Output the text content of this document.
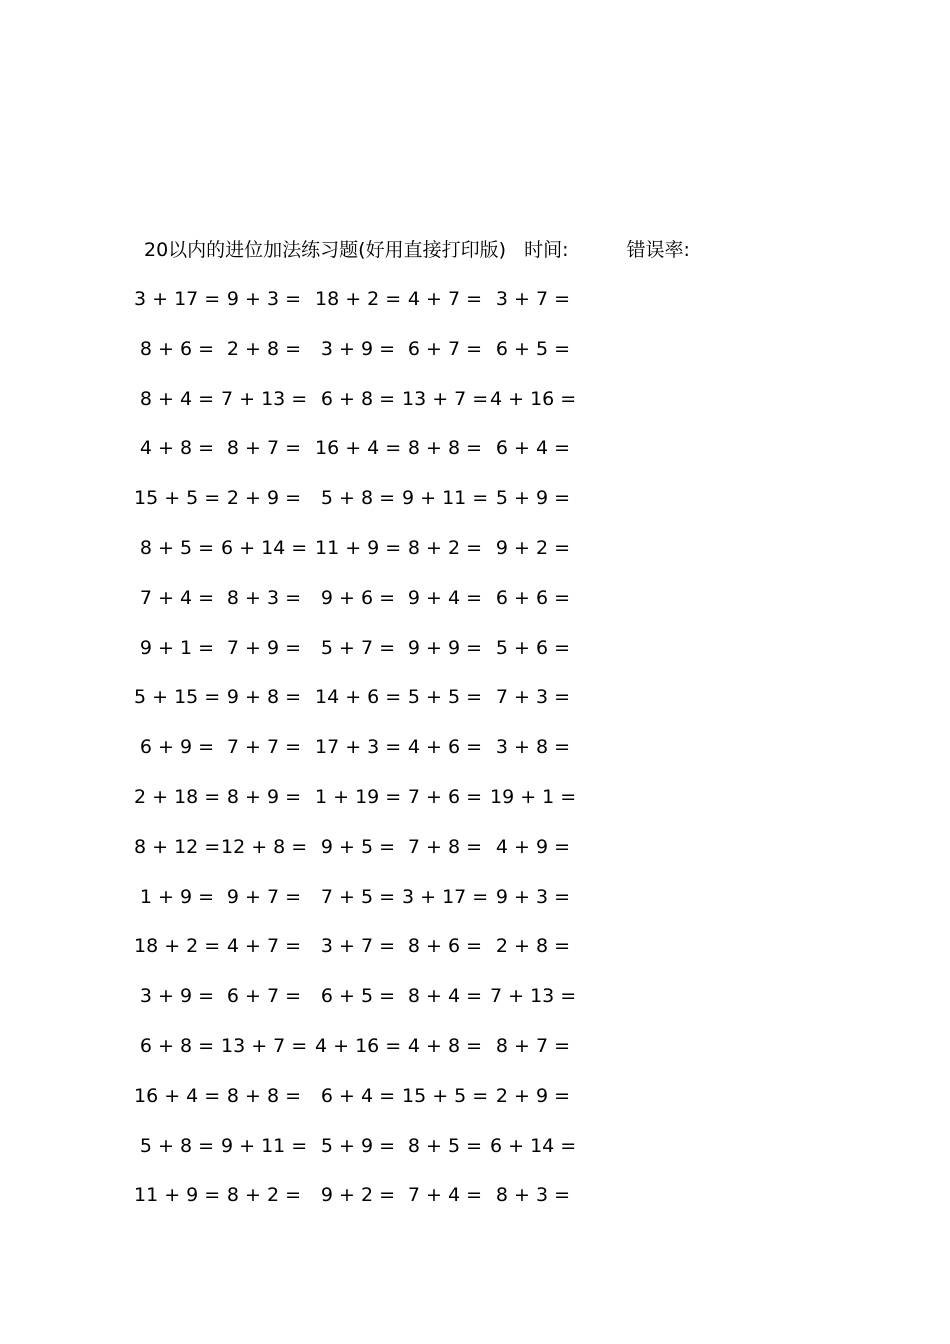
20以内的进位加法练习题(好用直接打印版) 时间:	错误率:
3 + 17 = 9 + 3 = 18 + 2 = 4 + 7 = 3 + 7 =
8 + 6 = 2 + 8 =	3 + 9 = 6 + 7 = 6 + 5 =
8 + 4 = 7 + 13 = 6 + 8 = 13 + 7 = 4 + 16 =
4 + 8 = 8 + 7 = 16 + 4 = 8 + 8 = 6 + 4 =
15 + 5 = 2 + 9 =	5 + 8 = 9 + 11 = 5 + 9 =
8 + 5 = 6 + 14 = 11 + 9 = 8 + 2 = 9 + 2 =
7 + 4 = 8 + 3 =	9 + 6 = 9 + 4 = 6 + 6 =
9 + 1 = 7 + 9 =	5 + 7 = 9 + 9 = 5 + 6 =
5 + 15 = 9 + 8 = 14 + 6 = 5 + 5 = 7 + 3 =
6 + 9 = 7 + 7 = 17 + 3 = 4 + 6 = 3 + 8 =
2 + 18 = 8 + 9 = 1 + 19 = 7 + 6 = 19 + 1 =
8 + 12 = 12 + 8 = 9 + 5 = 7 + 8 = 4 + 9 =
1 + 9 = 9 + 7 =	7 + 5 = 3 + 17 = 9 + 3 =
18 + 2 = 4 + 7 =	3 + 7 = 8 + 6 = 2 + 8 =
3 + 9 = 6 + 7 =	6 + 5 = 8 + 4 = 7 + 13 =
6 + 8 = 13 + 7 = 4 + 16 = 4 + 8 = 8 + 7 =
16 + 4 = 8 + 8 =	6 + 4 = 15 + 5 = 2 + 9 =
5 + 8 = 9 + 11 = 5 + 9 = 8 + 5 = 6 + 14 =
11 + 9 = 8 + 2 =	9 + 2 = 7 + 4 = 8 + 3 =
